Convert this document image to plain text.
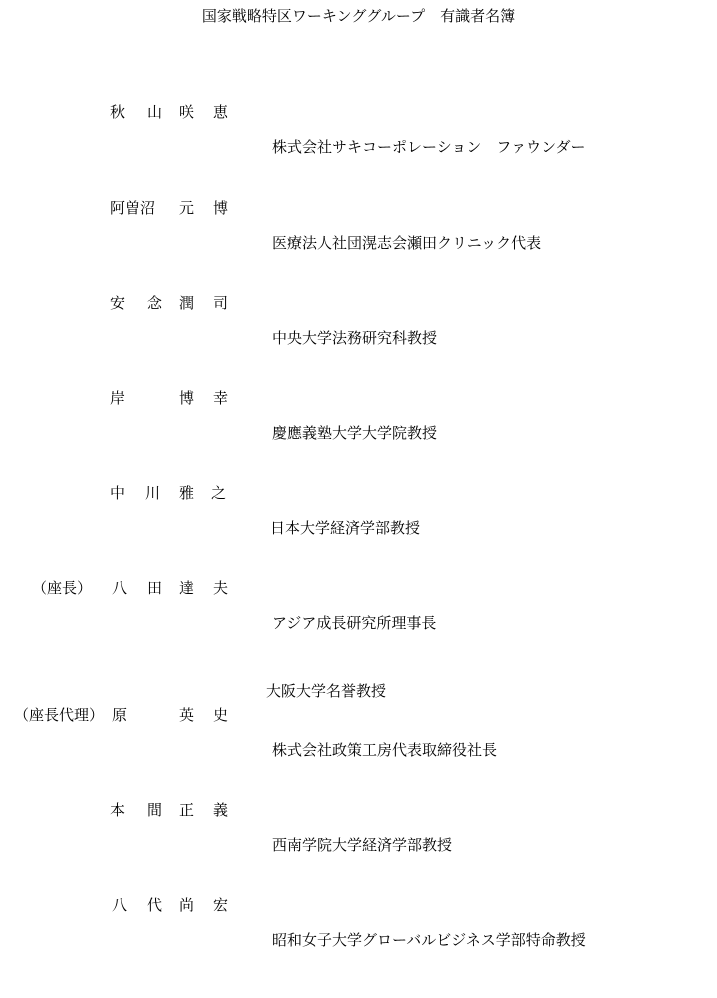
国家戦略特区ワーキンググループ　有識者名簿
秋 山 咲 恵

株式会社サキコーポレーション　ファウンダー

阿曽沼 元 博

医療法人社団滉志会瀬田クリニック代表

安 念 潤 司

中央大学法務研究科教授

岸	博 幸

慶應義塾大学大学院教授

中 川 雅 之

日本大学経済学部教授

（座長） 八 田 達 夫

アジア成長研究所理事長

大阪大学名誉教授

（座長代理） 原	英 史

株式会社政策工房代表取締役社長

本 間 正 義

西南学院大学経済学部教授

八 代 尚 宏

昭和女子大学グローバルビジネス学部特命教授
